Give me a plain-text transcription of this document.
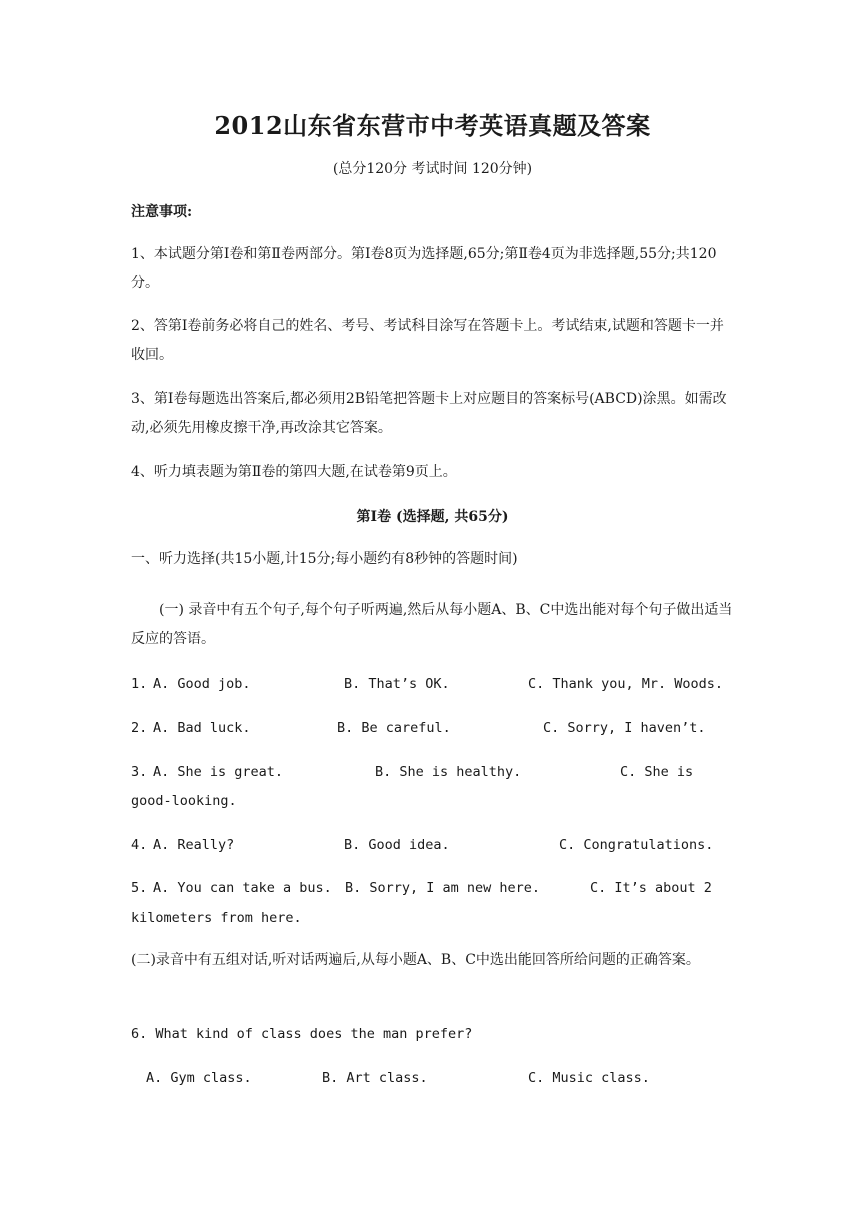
2012山东省东营市中考英语真题及答案
(总分120分 考试时间 120分钟)
注意事项:
1、本试题分第Ⅰ卷和第Ⅱ卷两部分。第Ⅰ卷8页为选择题,65分;第Ⅱ卷4页为非选择题,55分;共120分。
2、答第Ⅰ卷前务必将自己的姓名、考号、考试科目涂写在答题卡上。考试结束,试题和答题卡一并收回。
3、第Ⅰ卷每题选出答案后,都必须用2B铅笔把答题卡上对应题目的答案标号(ABCD)涂黑。如需改动,必须先用橡皮擦干净,再改涂其它答案。
4、听力填表题为第Ⅱ卷的第四大题,在试卷第9页上。
第Ⅰ卷 (选择题, 共65分)
一、听力选择(共15小题,计15分;每小题约有8秒钟的答题时间)
(一) 录音中有五个句子,每个句子听两遍,然后从每小题A、B、C中选出能对每个句子做出适当反应的答语。
1. A. Good job.	B. That’s OK.	C. Thank you, Mr. Woods.
2. A. Bad luck.	B. Be careful.	C. Sorry, I haven’t.
3. A. She is great.	B. She is healthy.	C. She is
good-looking.
4. A. Really?	B. Good idea.	C. Congratulations.
5. A. You can take a bus. B. Sorry, I am new here.	C. It’s about 2
kilometers from here.
(二)录音中有五组对话,听对话两遍后,从每小题A、B、C中选出能回答所给问题的正确答案。
6. What kind of class does the man prefer?
A. Gym class.	B. Art class.	C. Music class.
